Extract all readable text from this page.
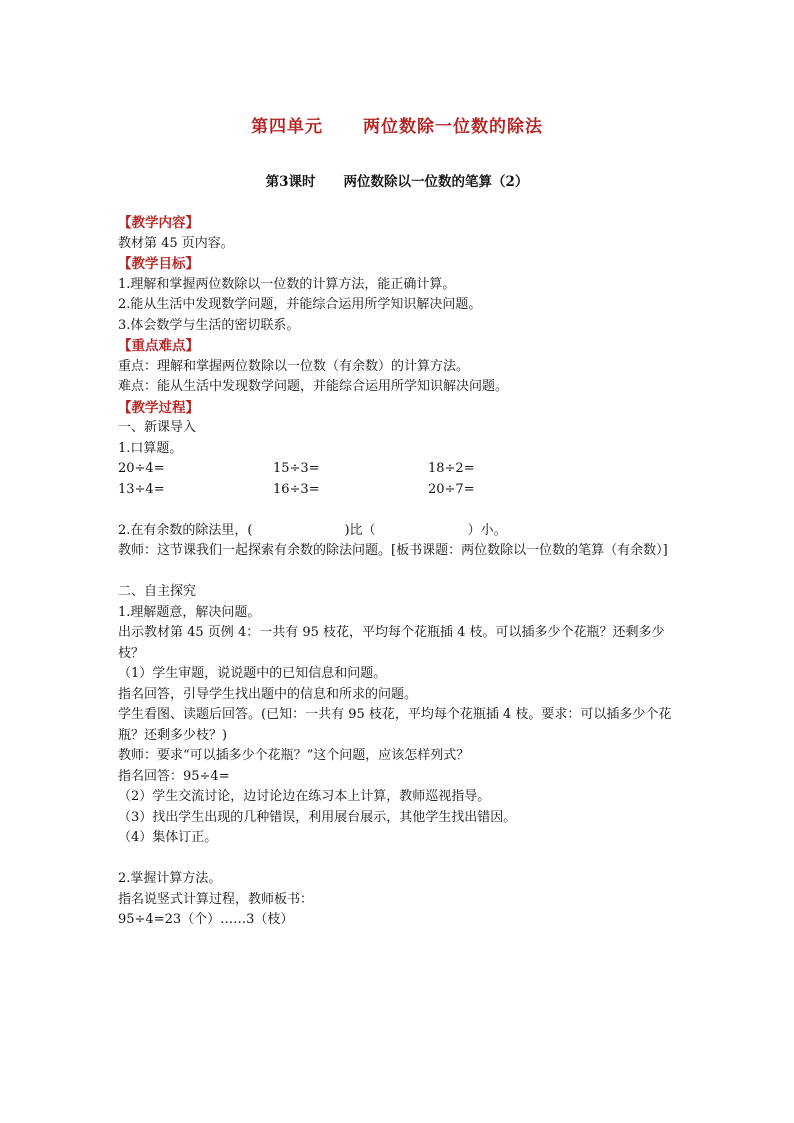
第四单元 两位数除一位数的除法
第3课时 两位数除以一位数的笔算（2）
【教学内容】
教材第 45 页内容。
【教学目标】
1.理解和掌握两位数除以一位数的计算方法，能正确计算。
2.能从生活中发现数学问题，并能综合运用所学知识解决问题。
3.体会数学与生活的密切联系。
【重点难点】
重点：理解和掌握两位数除以一位数（有余数）的计算方法。
难点：能从生活中发现数学问题，并能综合运用所学知识解决问题。
【教学过程】
一、新课导入
1.口算题。
20÷4=	15÷3=	18÷2=
13÷4=	16÷3=	20÷7=
2.在有余数的除法里，(	)比（	）小。
教师：这节课我们一起探索有余数的除法问题。[板书课题：两位数除以一位数的笔算（有余数）]
二、自主探究
1.理解题意，解决问题。
出示教材第 45 页例 4：一共有 95 枝花，平均每个花瓶插 4 枝。可以插多少个花瓶？还剩多少枝？
（1）学生审题，说说题中的已知信息和问题。
指名回答，引导学生找出题中的信息和所求的问题。
学生看图、读题后回答。(已知：一共有 95 枝花，平均每个花瓶插 4 枝。要求：可以插多少个花瓶？还剩多少枝？)
教师：要求“可以插多少个花瓶？”这个问题，应该怎样列式？
指名回答：95÷4=
（2）学生交流讨论，边讨论边在练习本上计算，教师巡视指导。
（3）找出学生出现的几种错误，利用展台展示，其他学生找出错因。
（4）集体订正。
2.掌握计算方法。
指名说竖式计算过程，教师板书：
95÷4=23（个）……3（枝）
